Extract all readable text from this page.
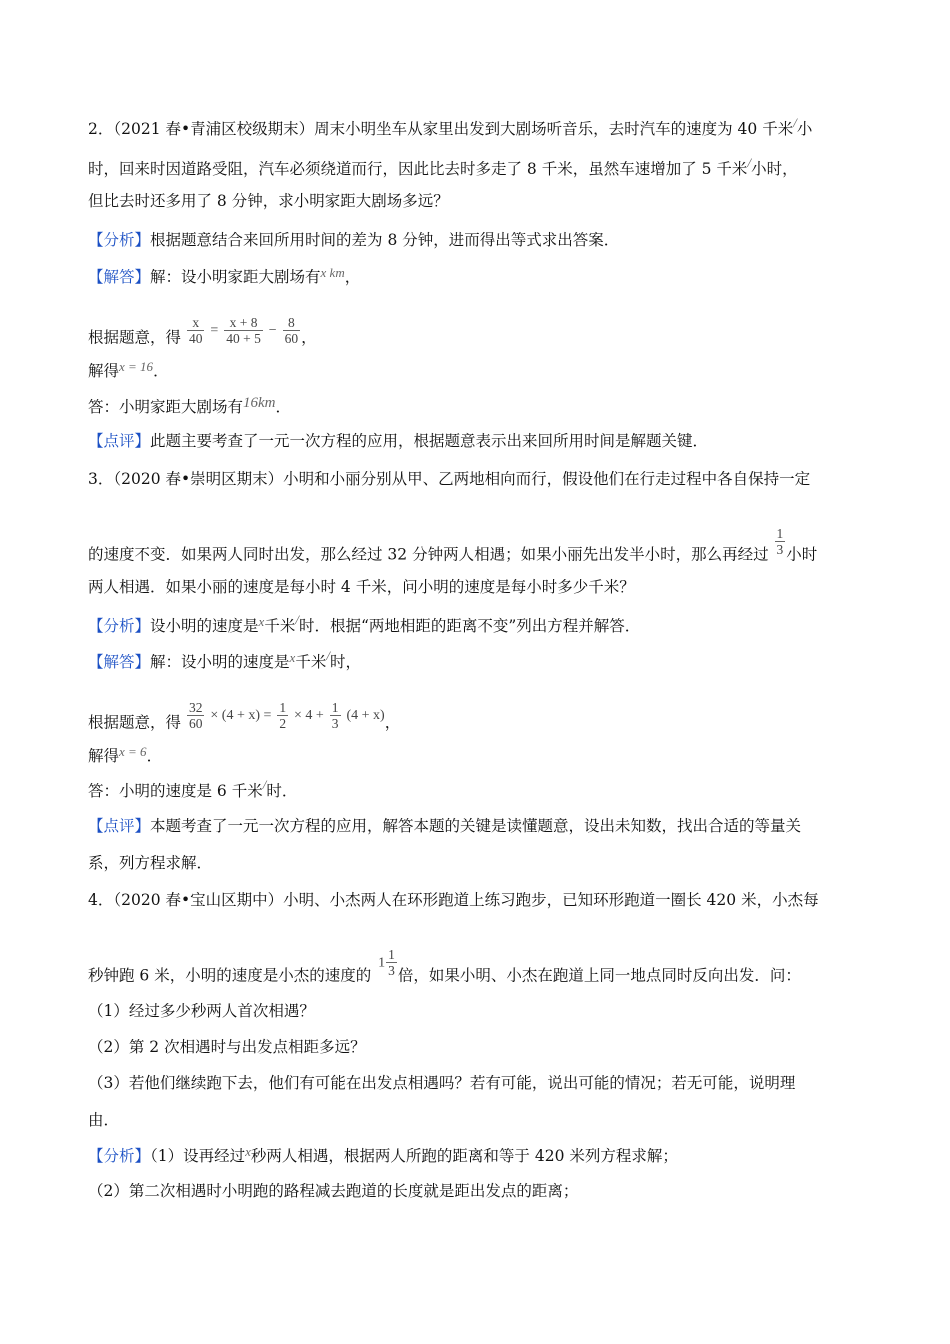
2．（2021 春•青浦区校级期末）周末小明坐车从家里出发到大剧场听音乐，去时汽车的速度为 40 千米/小
时，回来时因道路受阻，汽车必须绕道而行，因此比去时多走了 8 千米，虽然车速增加了 5 千米/小时，
但比去时还多用了 8 分钟，求小明家距大剧场多远？
【分析】根据题意结合来回所用时间的差为 8 分钟，进而得出等式求出答案．
【解答】解：设小明家距大剧场有$^{x km}$，
根据题意，得 $\frac{x}{40} = \frac{x + 8}{40 + 5} - \frac{8}{60}$ ，
解得$^{x = 16}$．
答：小明家距大剧场有16km．
【点评】此题主要考查了一元一次方程的应用，根据题意表示出来回所用时间是解题关键．
3．（2020 春•崇明区期末）小明和小丽分别从甲、乙两地相向而行，假设他们在行走过程中各自保持一定
的速度不变．如果两人同时出发，那么经过 32 分钟两人相遇；如果小丽先出发半小时，那么再经过 $\frac{1}{3}$ 小时
两人相遇．如果小丽的速度是每小时 4 千米，问小明的速度是每小时多少千米？
【分析】设小明的速度是$^x$千米/时．根据“两地相距的距离不变”列出方程并解答．
【解答】解：设小明的速度是$^x$千米/时，
根据题意，得 $\frac{32}{60} \times (4 + x) = \frac{1}{2} \times 4 + \frac{1}{3} (4 + x)$，
解得$^{x = 6}$．
答：小明的速度是 6 千米/时．
【点评】本题考查了一元一次方程的应用，解答本题的关键是读懂题意，设出未知数，找出合适的等量关
系，列方程求解．
4．（2020 春•宝山区期中）小明、小杰两人在环形跑道上练习跑步，已知环形跑道一圈长 420 米，小杰每
秒钟跑 6 米，小明的速度是小杰的速度的 $1 \frac{1}{3}$ 倍，如果小明、小杰在跑道上同一地点同时反向出发．问：
（1）经过多少秒两人首次相遇？
（2）第 2 次相遇时与出发点相距多远？
（3）若他们继续跑下去，他们有可能在出发点相遇吗？若有可能，说出可能的情况；若无可能，说明理
由．
【分析】（1）设再经过$^x$秒两人相遇，根据两人所跑的距离和等于 420 米列方程求解；
（2）第二次相遇时小明跑的路程减去跑道的长度就是距出发点的距离；
